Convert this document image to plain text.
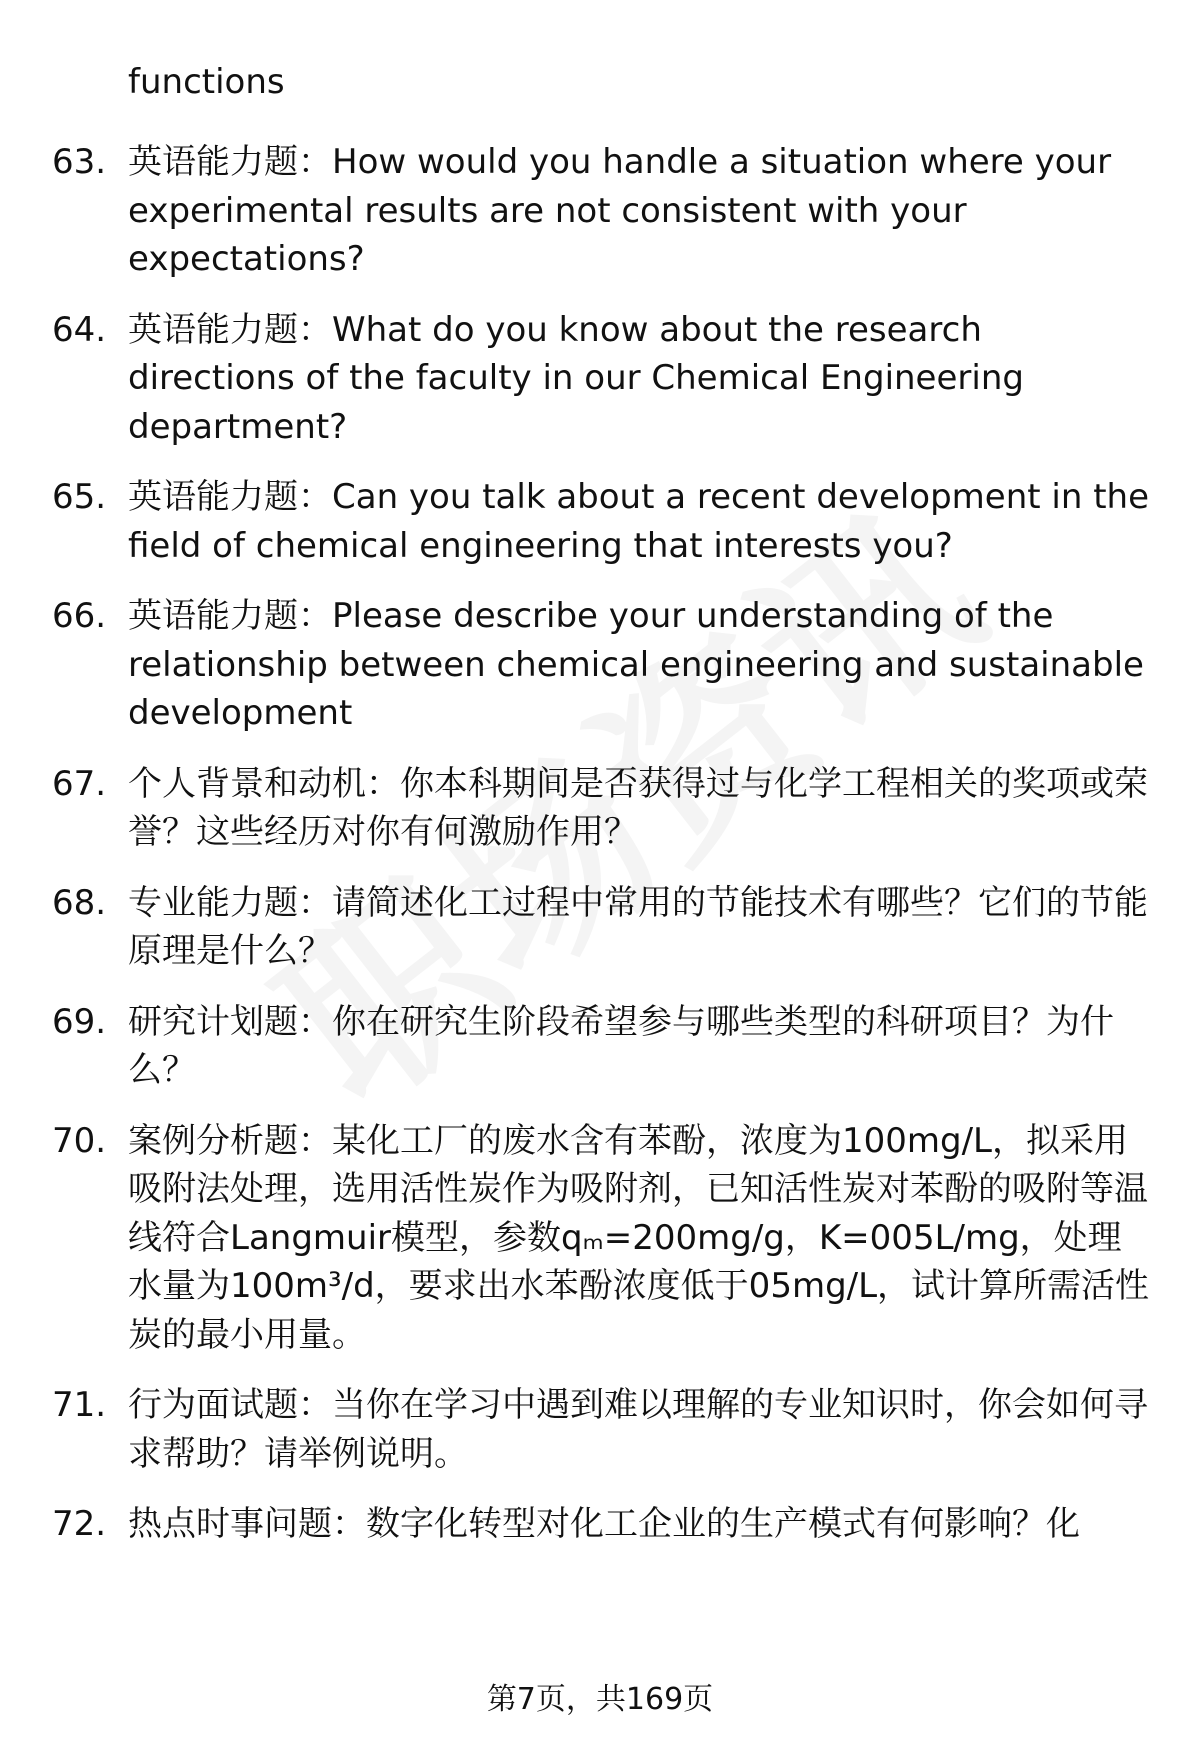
functions

63. 英语能力题：How would you handle a situation where your experimental results are not consistent with your expectations?
64. 英语能力题：What do you know about the research directions of the faculty in our Chemical Engineering department?
65. 英语能力题：Can you talk about a recent development in the field of chemical engineering that interests you?
66. 英语能力题：Please describe your understanding of the relationship between chemical engineering and sustainable development
67. 个人背景和动机：你本科期间是否获得过与化学工程相关的奖项或荣誉？这些经历对你有何激励作用？
68. 专业能力题：请简述化工过程中常用的节能技术有哪些？它们的节能原理是什么？
69. 研究计划题：你在研究生阶段希望参与哪些类型的科研项目？为什么？
70. 案例分析题：某化工厂的废水含有苯酚，浓度为100mg/L，拟采用吸附法处理，选用活性炭作为吸附剂，已知活性炭对苯酚的吸附等温线符合Langmuir模型，参数qₘ=200mg/g，K=005L/mg，处理水量为100m³/d，要求出水苯酚浓度低于05mg/L，试计算所需活性炭的最小用量。
71. 行为面试题：当你在学习中遇到难以理解的专业知识时，你会如何寻求帮助？请举例说明。
72. 热点时事问题：数字化转型对化工企业的生产模式有何影响？化
第7页，共169页
